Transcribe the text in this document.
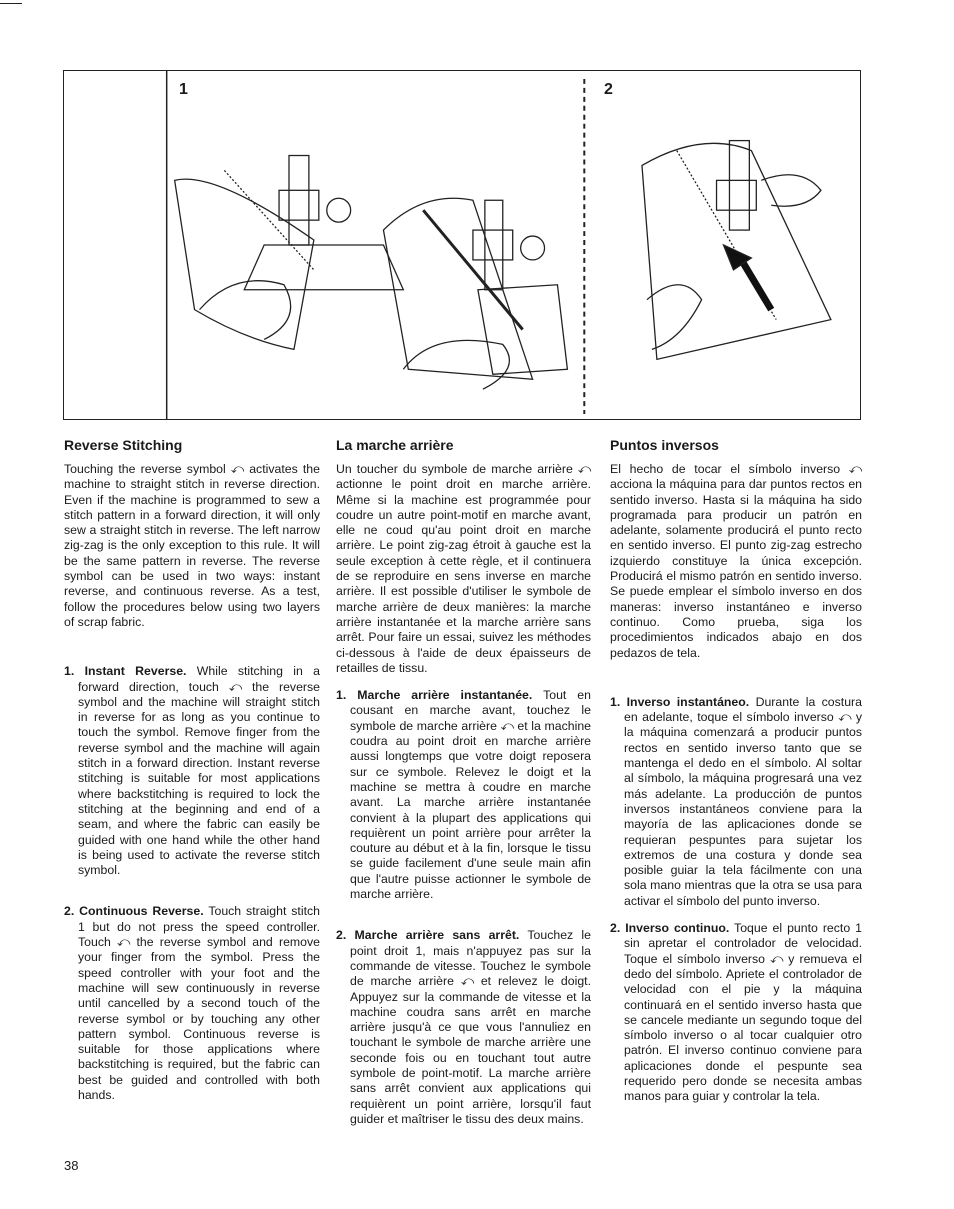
1	2
Reverse Stitching

Touching the reverse symbol ⤺ activates the machine to straight stitch in reverse direction. Even if the machine is programmed to sew a stitch pattern in a forward direction, it will only sew a straight stitch in reverse. The left narrow zig-zag is the only exception to this rule. It will be the same pattern in reverse. The reverse symbol can be used in two ways: instant reverse, and continuous reverse. As a test, follow the procedures below using two layers of scrap fabric.

1. Instant Reverse. While stitching in a forward direction, touch ⤺ the reverse symbol and the machine will straight stitch in reverse for as long as you continue to touch the symbol. Remove finger from the reverse symbol and the machine will again stitch in a forward direction. Instant reverse stitching is suitable for most applications where backstitching is required to lock the stitching at the beginning and end of a seam, and where the fabric can easily be guided with one hand while the other hand is being used to activate the reverse stitch symbol.

2. Continuous Reverse. Touch straight stitch 1 but do not press the speed controller. Touch ⤺ the reverse symbol and remove your finger from the symbol. Press the speed controller with your foot and the machine will sew continuously in reverse until cancelled by a second touch of the reverse symbol or by touching any other pattern symbol. Continuous reverse is suitable for those applications where backstitching is required, but the fabric can best be guided and controlled with both hands.

La marche arrière

Un toucher du symbole de marche arrière ⤺ actionne le point droit en marche arrière. Même si la machine est programmée pour coudre un autre point-motif en marche avant, elle ne coud qu'au point droit en marche arrière. Le point zig-zag étroit à gauche est la seule exception à cette règle, et il continuera de se reproduire en sens inverse en marche arrière. Il est possible d'utiliser le symbole de marche arrière de deux manières: la marche arrière instantanée et la marche arrière sans arrêt. Pour faire un essai, suivez les méthodes ci-dessous à l'aide de deux épaisseurs de retailles de tissu.

1. Marche arrière instantanée. Tout en cousant en marche avant, touchez le symbole de marche arrière ⤺ et la machine coudra au point droit en marche arrière aussi longtemps que votre doigt reposera sur ce symbole. Relevez le doigt et la machine se mettra à coudre en marche avant. La marche arrière instantanée convient à la plupart des applications qui requièrent un point arrière pour arrêter la couture au début et à la fin, lorsque le tissu se guide facilement d'une seule main afin que l'autre puisse actionner le symbole de marche arrière.

2. Marche arrière sans arrêt. Touchez le point droit 1, mais n'appuyez pas sur la commande de vitesse. Touchez le symbole de marche arrière ⤺ et relevez le doigt. Appuyez sur la commande de vitesse et la machine coudra sans arrêt en marche arrière jusqu'à ce que vous l'annuliez en touchant le symbole de marche arrière une seconde fois ou en touchant tout autre symbole de point-motif. La marche arrière sans arrêt convient aux applications qui requièrent un point arrière, lorsqu'il faut guider et maîtriser le tissu des deux mains.

Puntos inversos

El hecho de tocar el símbolo inverso ⤺ acciona la máquina para dar puntos rectos en sentido inverso. Hasta si la máquina ha sido programada para producir un patrón en adelante, solamente producirá el punto recto en sentido inverso. El punto zig-zag estrecho izquierdo constituye la única excepción. Producirá el mismo patrón en sentido inverso. Se puede emplear el símbolo inverso en dos maneras: inverso instantáneo e inverso continuo. Como prueba, siga los procedimientos indicados abajo en dos pedazos de tela.

1. Inverso instantáneo. Durante la costura en adelante, toque el símbolo inverso ⤺ y la máquina comenzará a producir puntos rectos en sentido inverso tanto que se mantenga el dedo en el símbolo. Al soltar al símbolo, la máquina progresará una vez más adelante. La producción de puntos inversos instantáneos conviene para la mayoría de las aplicaciones donde se requieran pespuntes para sujetar los extremos de una costura y donde sea posible guiar la tela fácilmente con una sola mano mientras que la otra se usa para activar el símbolo del punto inverso.

2. Inverso continuo. Toque el punto recto 1 sin apretar el controlador de velocidad. Toque el símbolo inverso ⤺ y remueva el dedo del símbolo. Apriete el controlador de velocidad con el pie y la máquina continuará en el sentido inverso hasta que se cancele mediante un segundo toque del símbolo inverso o al tocar cualquier otro patrón. El inverso continuo conviene para aplicaciones donde el pespunte sea requerido pero donde se necesita ambas manos para guiar y controlar la tela.

38
